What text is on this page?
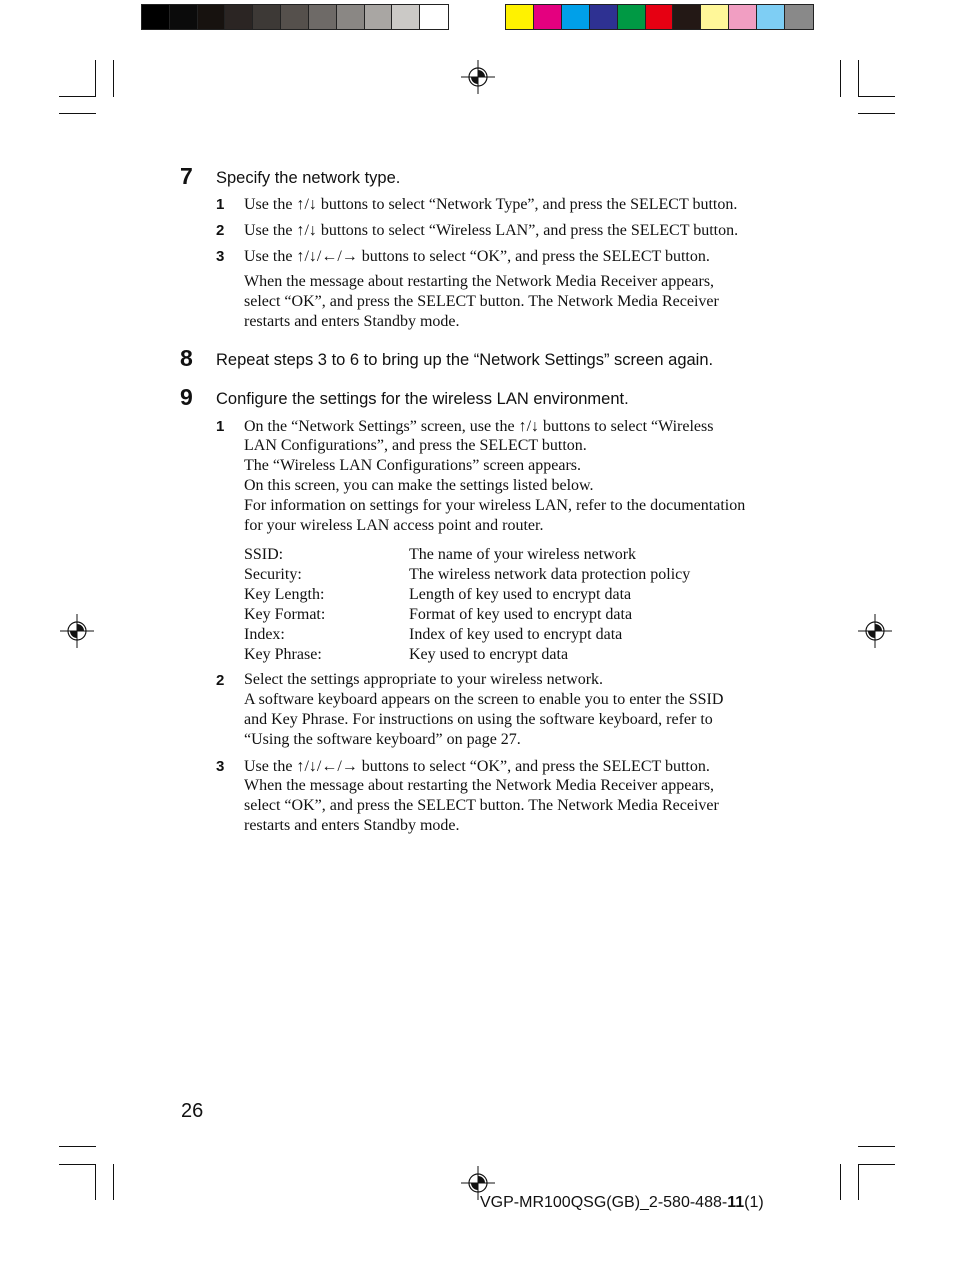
7 Specify the network type.
1 Use the ↑/↓ buttons to select “Network Type”, and press the SELECT button.
2 Use the ↑/↓ buttons to select “Wireless LAN”, and press the SELECT button.
3 Use the ↑/↓/←/→ buttons to select “OK”, and press the SELECT button.
When the message about restarting the Network Media Receiver appears,
select “OK”, and press the SELECT button. The Network Media Receiver
restarts and enters Standby mode.
8 Repeat steps 3 to 6 to bring up the “Network Settings” screen again.
9 Configure the settings for the wireless LAN environment.
1 On the “Network Settings” screen, use the ↑/↓ buttons to select “Wireless
LAN Configurations”, and press the SELECT button.
The “Wireless LAN Configurations” screen appears.
On this screen, you can make the settings listed below.
For information on settings for your wireless LAN, refer to the documentation
for your wireless LAN access point and router.
SSID:	The name of your wireless network
Security:	The wireless network data protection policy
Key Length:	Length of key used to encrypt data
Key Format:	Format of key used to encrypt data
Index:	Index of key used to encrypt data
Key Phrase:	Key used to encrypt data
2 Select the settings appropriate to your wireless network.
A software keyboard appears on the screen to enable you to enter the SSID
and Key Phrase. For instructions on using the software keyboard, refer to
“Using the software keyboard” on page 27.
3 Use the ↑/↓/←/→ buttons to select “OK”, and press the SELECT button.
When the message about restarting the Network Media Receiver appears,
select “OK”, and press the SELECT button. The Network Media Receiver
restarts and enters Standby mode.
26
VGP-MR100QSG(GB)_2-580-488-11(1)
